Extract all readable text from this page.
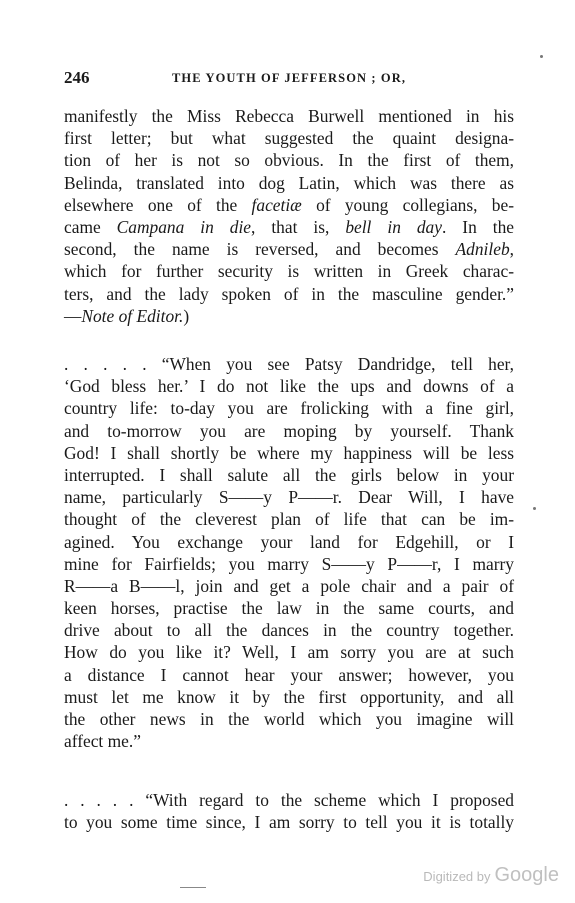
246	THE YOUTH OF JEFFERSON ; OR,
manifestly the Miss Rebecca Burwell mentioned in his
first letter; but what suggested the quaint designa-
tion of her is not so obvious. In the first of them,
Belinda, translated into dog Latin, which was there as
elsewhere one of the facetiæ of young collegians, be-
came Campana in die, that is, bell in day. In the
second, the name is reversed, and becomes Adnileb,
which for further security is written in Greek charac-
ters, and the lady spoken of in the masculine gender.”
—Note of Editor.)
. . . . . “When you see Patsy Dandridge, tell her,
‘God bless her.’ I do not like the ups and downs of a
country life: to-day you are frolicking with a fine girl,
and to-morrow you are moping by yourself. Thank
God! I shall shortly be where my happiness will be less
interrupted. I shall salute all the girls below in your
name, particularly S——y P——r. Dear Will, I have
thought of the cleverest plan of life that can be im-
agined. You exchange your land for Edgehill, or I
mine for Fairfields; you marry S——y P——r, I marry
R——a B——l, join and get a pole chair and a pair of
keen horses, practise the law in the same courts, and
drive about to all the dances in the country together.
How do you like it? Well, I am sorry you are at such
a distance I cannot hear your answer; however, you
must let me know it by the first opportunity, and all
the other news in the world which you imagine will
affect me.”
. . . . . “With regard to the scheme which I proposed
to you some time since, I am sorry to tell you it is totally
Digitized by Google
